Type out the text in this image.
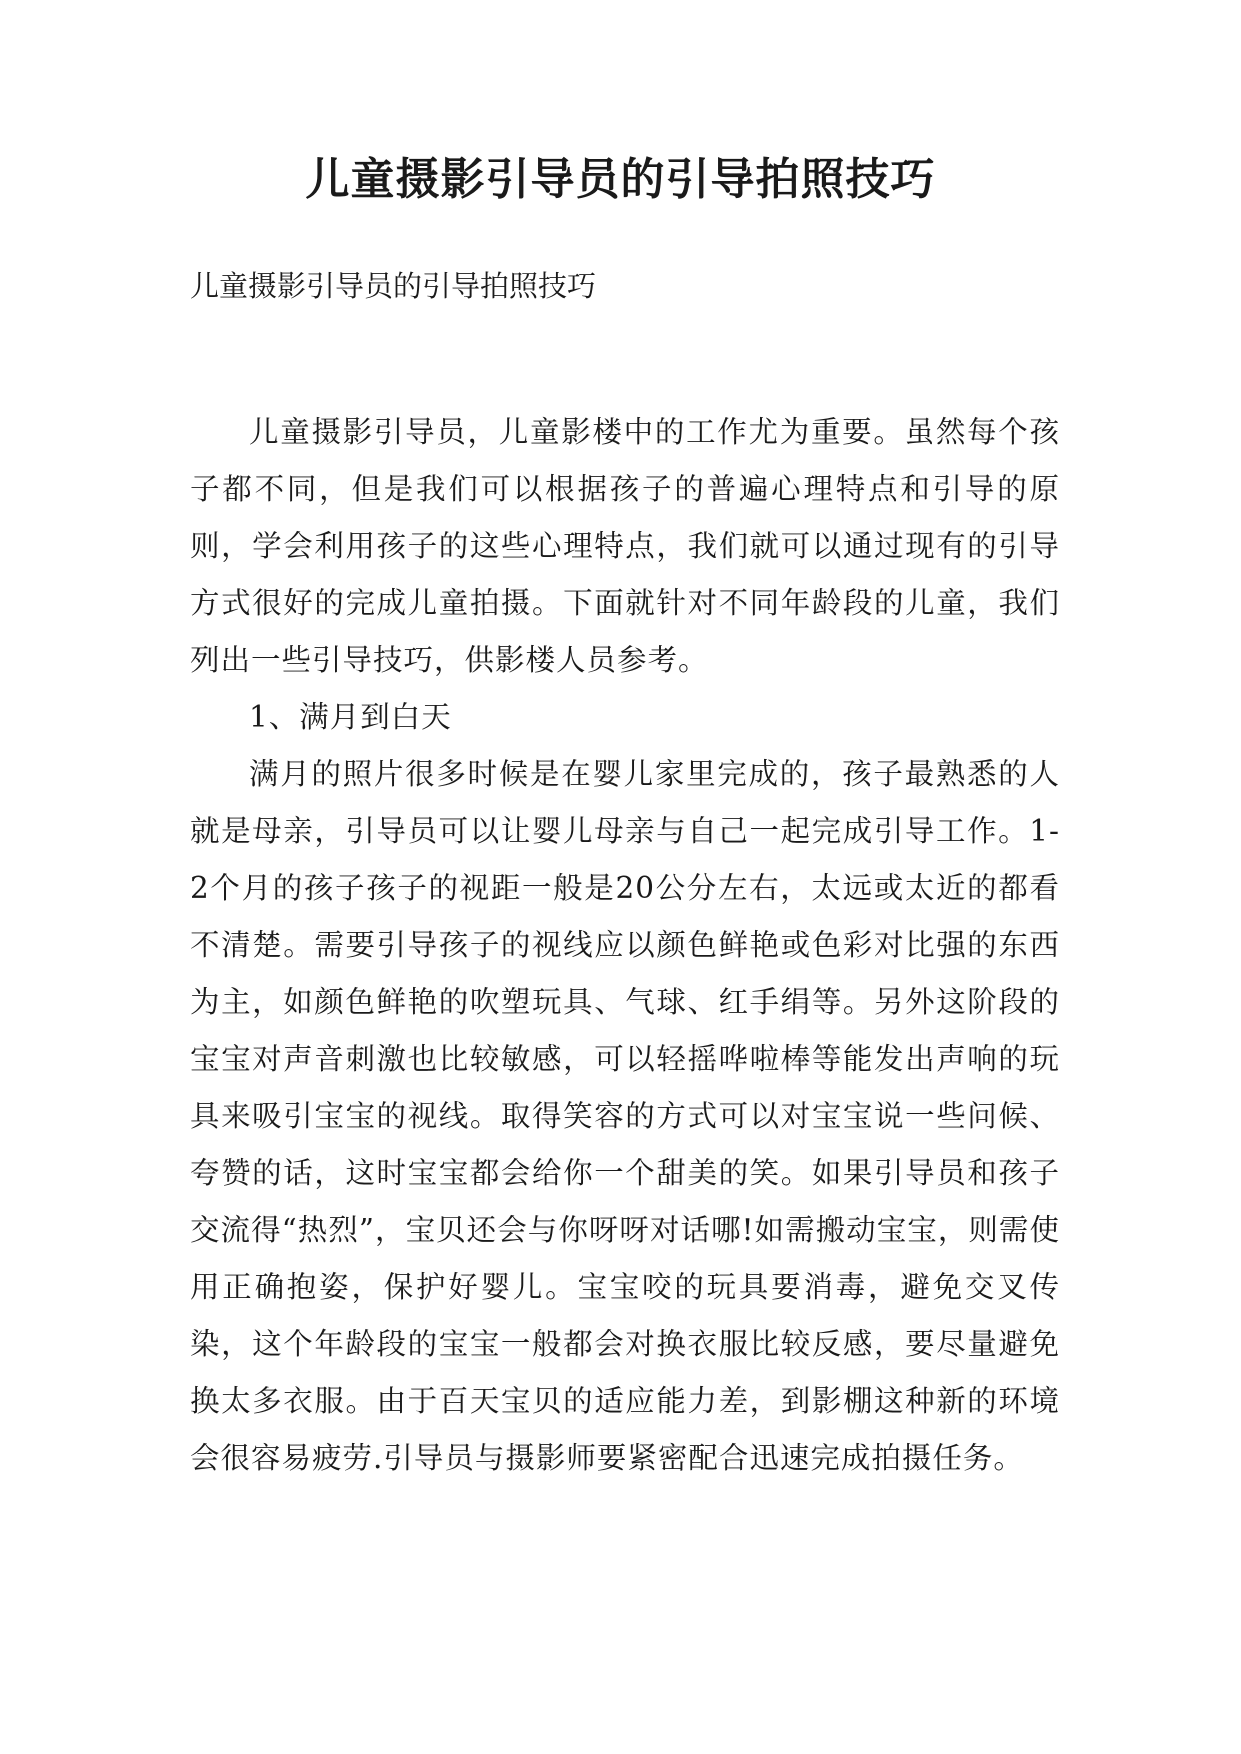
儿童摄影引导员的引导拍照技巧

儿童摄影引导员的引导拍照技巧

儿童摄影引导员，儿童影楼中的工作尤为重要。虽然每个孩子都不同，但是我们可以根据孩子的普遍心理特点和引导的原则，学会利用孩子的这些心理特点，我们就可以通过现有的引导方式很好的完成儿童拍摄。下面就针对不同年龄段的儿童，我们列出一些引导技巧，供影楼人员参考。

1、满月到白天

满月的照片很多时候是在婴儿家里完成的，孩子最熟悉的人就是母亲，引导员可以让婴儿母亲与自己一起完成引导工作。1-2个月的孩子孩子的视距一般是20公分左右，太远或太近的都看不清楚。需要引导孩子的视线应以颜色鲜艳或色彩对比强的东西为主，如颜色鲜艳的吹塑玩具、气球、红手绢等。另外这阶段的宝宝对声音刺激也比较敏感，可以轻摇哗啦棒等能发出声响的玩具来吸引宝宝的视线。取得笑容的方式可以对宝宝说一些问候、夸赞的话，这时宝宝都会给你一个甜美的笑。如果引导员和孩子交流得“热烈”，宝贝还会与你呀呀对话哪!如需搬动宝宝，则需使用正确抱姿，保护好婴儿。宝宝咬的玩具要消毒，避免交叉传染，这个年龄段的宝宝一般都会对换衣服比较反感，要尽量避免换太多衣服。由于百天宝贝的适应能力差，到影棚这种新的环境会很容易疲劳.引导员与摄影师要紧密配合迅速完成拍摄任务。
